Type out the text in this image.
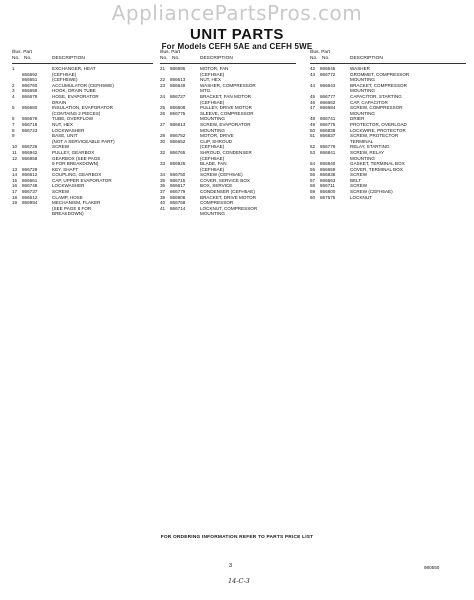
AppliancePartsPros.com
UNIT PARTS
For Models CEFH 5AE and CEFH 5WE
Illus. Part
No. No.	DESCRIPTION
1	EXCHANGER, HEAT
866692	(CEFH5AE)
866651	(CEFH5WE)
2	866760	ACCUMULATOR (CEFH5WE)
3	866658	HOOK, DRAIN TUBE
4	866679	HOSE, EVAPORATOR
DRAIN
5	866680	INSULATION, EVAPORATOR
(CONTAINS 2 PIECES)
6	866678	TUBE, OVERFLOW
7	866718	NUT, HEX
8	866723	LOCKWASHER
9	BASE, UNIT
(NOT A SERVICEABLE PART)
10	866726	SCREW
11	866942	PULLEY, GEARBOX
12	866958	GEARBOX (SEE PAGE
9 FOR BREAKDOWN)
13	866729	KEY, SHAFT
14	866612	COUPLING, GEARBOX
15	866661	CAP, UPPER EVAPORATOR
16	866748	LOCKWASHER
17	866737	SCREW
18	866612	CLAMP, HOSE
19	866994	MECHANISM, FLAKER
(SEE PAGE 8 FOR
BREAKDOWN)
Illus. Part
No. No.	DESCRIPTION
21	866995	MOTOR, FAN
(CEFH5AE)
22	866613	NUT, HEX
23	866649	WASHER, COMPRESSOR
MTG.
24	866727	BRACKET, FAN MOTOR
(CEFH5AE)
25	866608	PULLEY, DRIVE MOTOR
26	866775	SLEEVE, COMPRESSOR
MOUNTING
27	866613	SCREW, EVAPORATOR
MOUNTING
28	866752	MOTOR, DRIVE
30	866652	CLIP, SHROUD
(CEFH5AE)
32	866765	SHROUD, CONDENSER
(CEFH5AE)
33	866925	BLADE, FAN
(CEFH5AE)
34	866750	SCREW (CEFH5AE)
35	866715	COVER, SERVICE BOX
36	866617	BOX, SERVICE
37	866779	CONDENSER (CEFH5AE)
39	866906	BRACKET, DRIVE MOTOR
40	866768	COMPRESSOR
41	866714	LOCKNUT, COMPRESSOR
MOUNTING
Illus. Part
No. No.	DESCRIPTION
42	866645	WASHER
43	866772	GROMMET, COMPRESSOR
MOUNTING
44	866643	BRACKET, COMPRESSOR
MOUNTING
45	866777	CAPACITOR, STARTING
46	866662	CAP, CAPACITOR
47	866684	SCREW, COMPRESSOR
MOUNTING
48	866741	DRIER
49	866775	PROTECTOR, OVERLOAD
50	866836	LOCKWIRE, PROTECTOR
51	866837	SCREW, PROTECTOR
TERMINAL
52	866776	RELAY, STARTING
53	866841	SCREW, RELAY
MOUNTING
54	866840	GASKET, TERMINAL BOX
55	866659	COVER, TERMINAL BOX
56	866838	SCREW
57	866663	BELT
58	866711	SCREW
59	866800	SCREW (CEFH5AE)
60	867575	LOCKNUT
FOR ORDERING INFORMATION REFER TO PARTS PRICE LIST
3	980550
14-C-3
